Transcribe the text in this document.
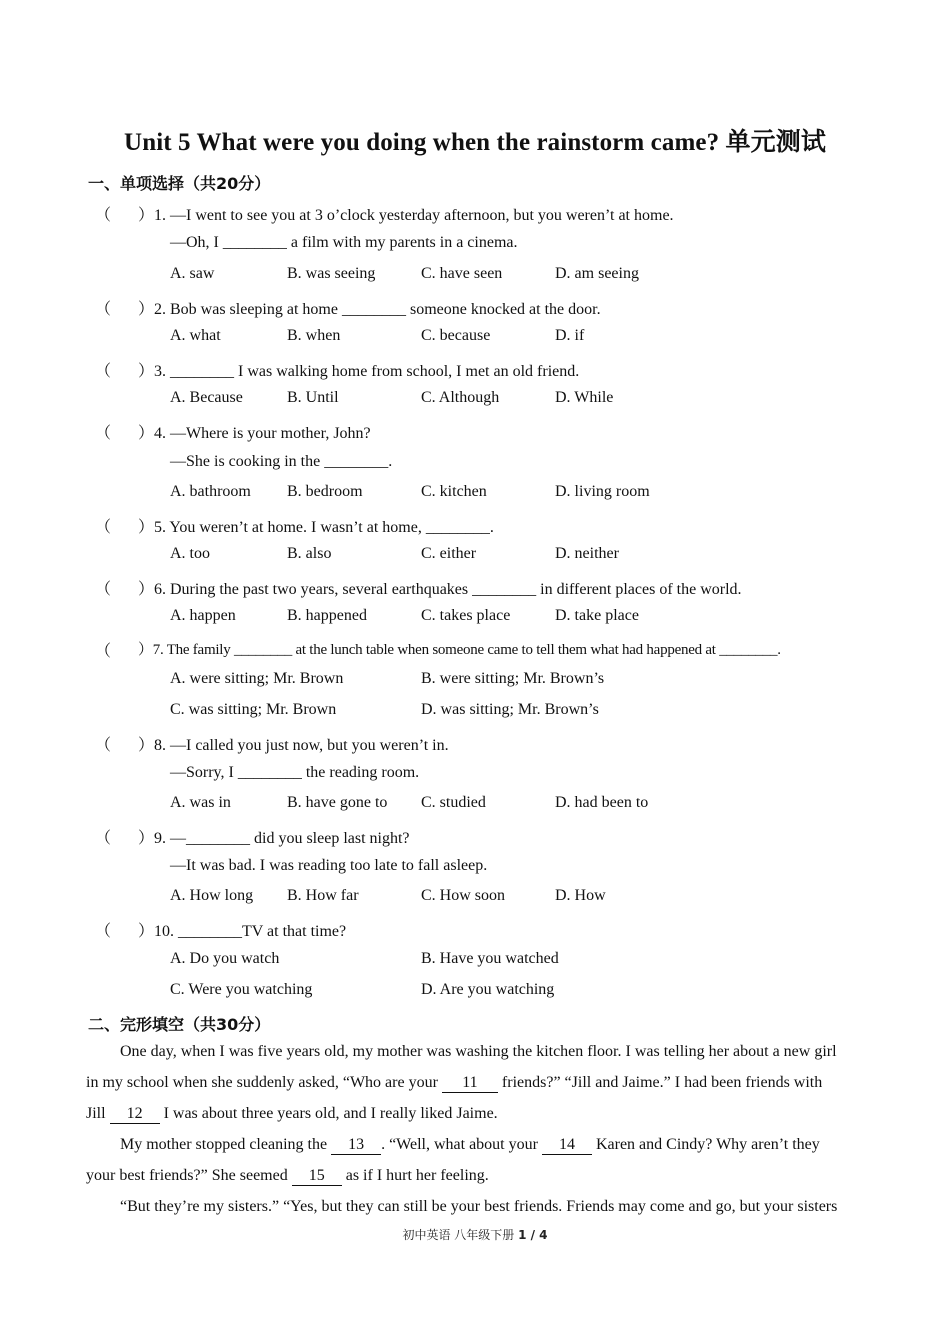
Unit 5 What were you doing when the rainstorm came? 单元测试
一、单项选择（共20分）
（ ）1. —I went to see you at 3 o’clock yesterday afternoon, but you weren’t at home.
—Oh, I ________ a film with my parents in a cinema.
A. saw	B. was seeing	C. have seen	D. am seeing
（ ）2. Bob was sleeping at home ________ someone knocked at the door.
A. what	B. when	C. because	D. if
（ ）3. ________ I was walking home from school, I met an old friend.
A. Because	B. Until	C. Although	D. While
（ ）4. —Where is your mother, John?
—She is cooking in the ________.
A. bathroom B. bedroom	C. kitchen	D. living room
（ ）5. You weren’t at home. I wasn’t at home, ________.
A. too	B. also	C. either	D. neither
（ ）6. During the past two years, several earthquakes ________ in different places of the world.
A. happen	B. happened	C. takes place	D. take place
（ ）7. The family ________ at the lunch table when someone came to tell them what had happened at ________.
A. were sitting; Mr. Brown	B. were sitting; Mr. Brown’s
C. was sitting; Mr. Brown	D. was sitting; Mr. Brown’s
（ ）8. —I called you just now, but you weren’t in.
—Sorry, I ________ the reading room.
A. was in	B. have gone to C. studied	D. had been to
（ ）9. —________ did you sleep last night?
—It was bad. I was reading too late to fall asleep.
A. How long B. How far	C. How soon	D. How
（ ）10. ________TV at that time?
A. Do you watch	B. Have you watched
C. Were you watching	D. Are you watching
二、完形填空（共30分）
One day, when I was five years old, my mother was washing the kitchen floor. I was telling her about a new girl
in my school when she suddenly asked, “Who are your 11 friends?” “Jill and Jaime.” I had been friends with
Jill 12 I was about three years old, and I really liked Jaime.
My mother stopped cleaning the 13 . “Well, what about your 14 Karen and Cindy? Why aren’t they
your best friends?” She seemed 15 as if I hurt her feeling.
“But they’re my sisters.” “Yes, but they can still be your best friends. Friends may come and go, but your sisters
初中英语 八年级下册 1 / 4
